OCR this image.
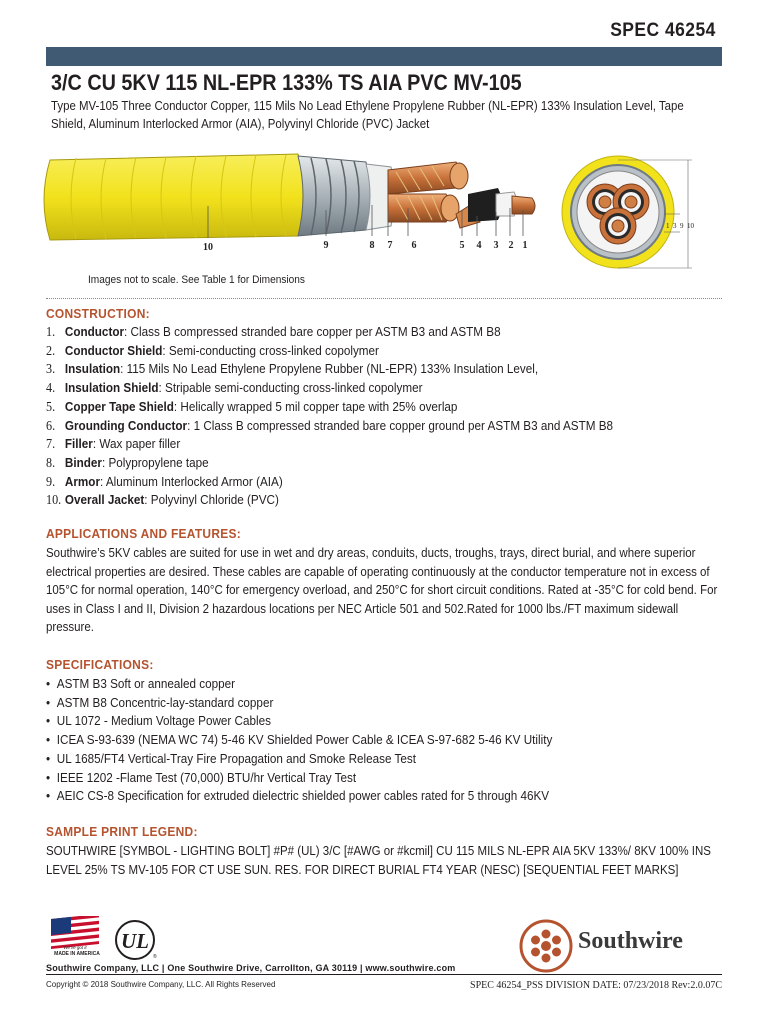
SPEC 46254
3/C CU 5KV 115 NL-EPR 133% TS AIA PVC MV-105
Type MV-105 Three Conductor Copper, 115 Mils No Lead Ethylene Propylene Rubber (NL-EPR) 133% Insulation Level, Tape Shield, Aluminum Interlocked Armor (AIA), Polyvinyl Chloride (PVC) Jacket
10	9	8 7 6	5 4 3 2 1
1 3 9 10
Images not to scale. See Table 1 for Dimensions
CONSTRUCTION:
1. Conductor: Class B compressed stranded bare copper per ASTM B3 and ASTM B8
2. Conductor Shield: Semi-conducting cross-linked copolymer
3. Insulation: 115 Mils No Lead Ethylene Propylene Rubber (NL-EPR) 133% Insulation Level,
4. Insulation Shield: Stripable semi-conducting cross-linked copolymer
5. Copper Tape Shield: Helically wrapped 5 mil copper tape with 25% overlap
6. Grounding Conductor: 1 Class B compressed stranded bare copper ground per ASTM B3 and ASTM B8
7. Filler: Wax paper filler
8. Binder: Polypropylene tape
9. Armor: Aluminum Interlocked Armor (AIA)
10. Overall Jacket: Polyvinyl Chloride (PVC)
APPLICATIONS AND FEATURES:
Southwire’s 5KV cables are suited for use in wet and dry areas, conduits, ducts, troughs, trays, direct burial, and where superior electrical properties are desired. These cables are capable of operating continuously at the conductor temperature not in excess of 105°C for normal operation, 140°C for emergency overload, and 250°C for short circuit conditions. Rated at -35°C for cold bend. For uses in Class I and II, Division 2 hazardous locations per NEC Article 501 and 502.Rated for 1000 lbs./FT maximum sidewall pressure.
SPECIFICATIONS:
• ASTM B3 Soft or annealed copper
• ASTM B8 Concentric-lay-standard copper
• UL 1072 - Medium Voltage Power Cables
• ICEA S-93-639 (NEMA WC 74) 5-46 KV Shielded Power Cable & ICEA S-97-682 5-46 KV Utility
• UL 1685/FT4 Vertical-Tray Fire Propagation and Smoke Release Test
• IEEE 1202 -Flame Test (70,000) BTU/hr Vertical Tray Test
• AEIC CS-8 Specification for extruded dielectric shielded power cables rated for 5 through 46KV
SAMPLE PRINT LEGEND:
SOUTHWIRE [SYMBOL - LIGHTING BOLT] #P# (UL) 3/C [#AWG or #kcmil] CU 115 MILS NL-EPR AIA 5KV 133%/ 8KV 100% INS LEVEL 25% TS MV-105 FOR CT USE SUN. RES. FOR DIRECT BURIAL FT4 YEAR (NESC) [SEQUENTIAL FEET MARKS]
We've got it
MADE IN AMERICA
UL
®
Southwire
Southwire Company, LLC | One Southwire Drive, Carrollton, GA 30119 | www.southwire.com
Copyright © 2018 Southwire Company, LLC. All Rights Reserved	SPEC 46254_PSS DIVISION DATE: 07/23/2018 Rev:2.0.07C
